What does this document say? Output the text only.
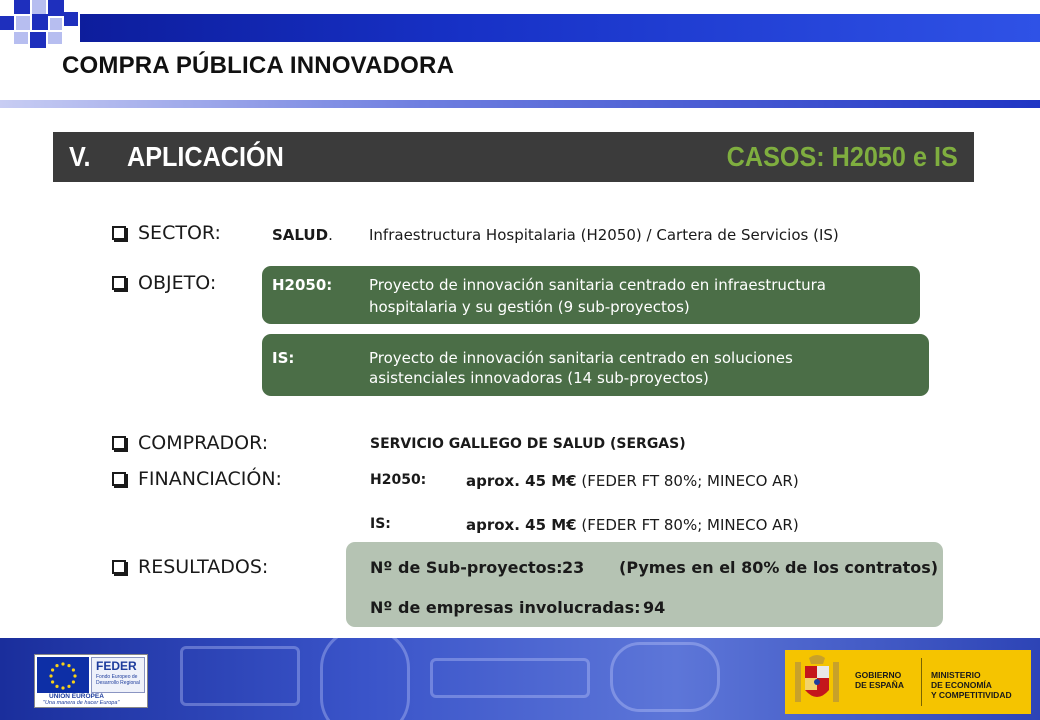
COMPRA PÚBLICA INNOVADORA
V. APLICACIÓN	CASOS: H2050 e IS
SECTOR:	SALUD. Infraestructura Hospitalaria (H2050) / Cartera de Servicios (IS)
OBJETO:	H2050: Proyecto de innovación sanitaria centrado en infraestructura
hospitalaria y su gestión (9 sub-proyectos)
IS:	Proyecto de innovación sanitaria centrado en soluciones
asistenciales innovadoras (14 sub-proyectos)
COMPRADOR:	SERVICIO GALLEGO DE SALUD (SERGAS)
FINANCIACIÓN:	H2050:	aprox. 45 M€ (FEDER FT 80%; MINECO AR)
IS:	aprox. 45 M€ (FEDER FT 80%; MINECO AR)
RESULTADOS:	Nº de Sub-proyectos: 23 (Pymes en el 80% de los contratos)
Nº de empresas involucradas: 94
FEDER
Fondo Europeo de
Desarrollo Regional
UNIÓN EUROPEA
"Una manera de hacer Europa"
GOBIERNO
DE ESPAÑA
MINISTERIO
DE ECONOMÍA
Y COMPETITIVIDAD
